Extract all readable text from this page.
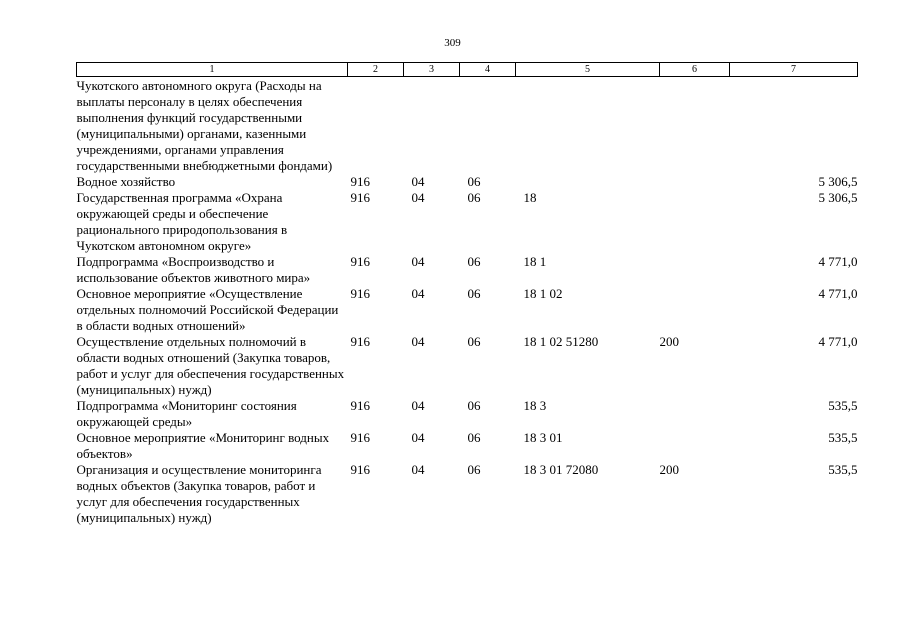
309
1	2	3	4	5	6	7
Чукотского автономного округа (Расходы на выплаты персоналу в целях обеспечения выполнения функций государственными (муниципальными) органами, казенными учреждениями, органами управления государственными внебюджетными фондами)						
Водное хозяйство	916	04	06			5 306,5
Государственная программа «Охрана окружающей среды и обеспечение рационального природопользования в Чукотском автономном округе»	916	04	06	18		5 306,5
Подпрограмма «Воспроизводство и использование объектов животного мира»	916	04	06	18 1		4 771,0
Основное мероприятие «Осуществление отдельных полномочий Российской Федерации в области водных отношений»	916	04	06	18 1 02		4 771,0
Осуществление отдельных полномочий в области водных отношений (Закупка товаров, работ и услуг для обеспечения государственных (муниципальных) нужд)	916	04	06	18 1 02 51280	200	4 771,0
Подпрограмма «Мониторинг состояния окружающей среды»	916	04	06	18 3		535,5
Основное мероприятие «Мониторинг водных объектов»	916	04	06	18 3 01		535,5
Организация и осуществление мониторинга водных объектов (Закупка товаров, работ и услуг для обеспечения государственных (муниципальных) нужд)	916	04	06	18 3 01 72080	200	535,5
